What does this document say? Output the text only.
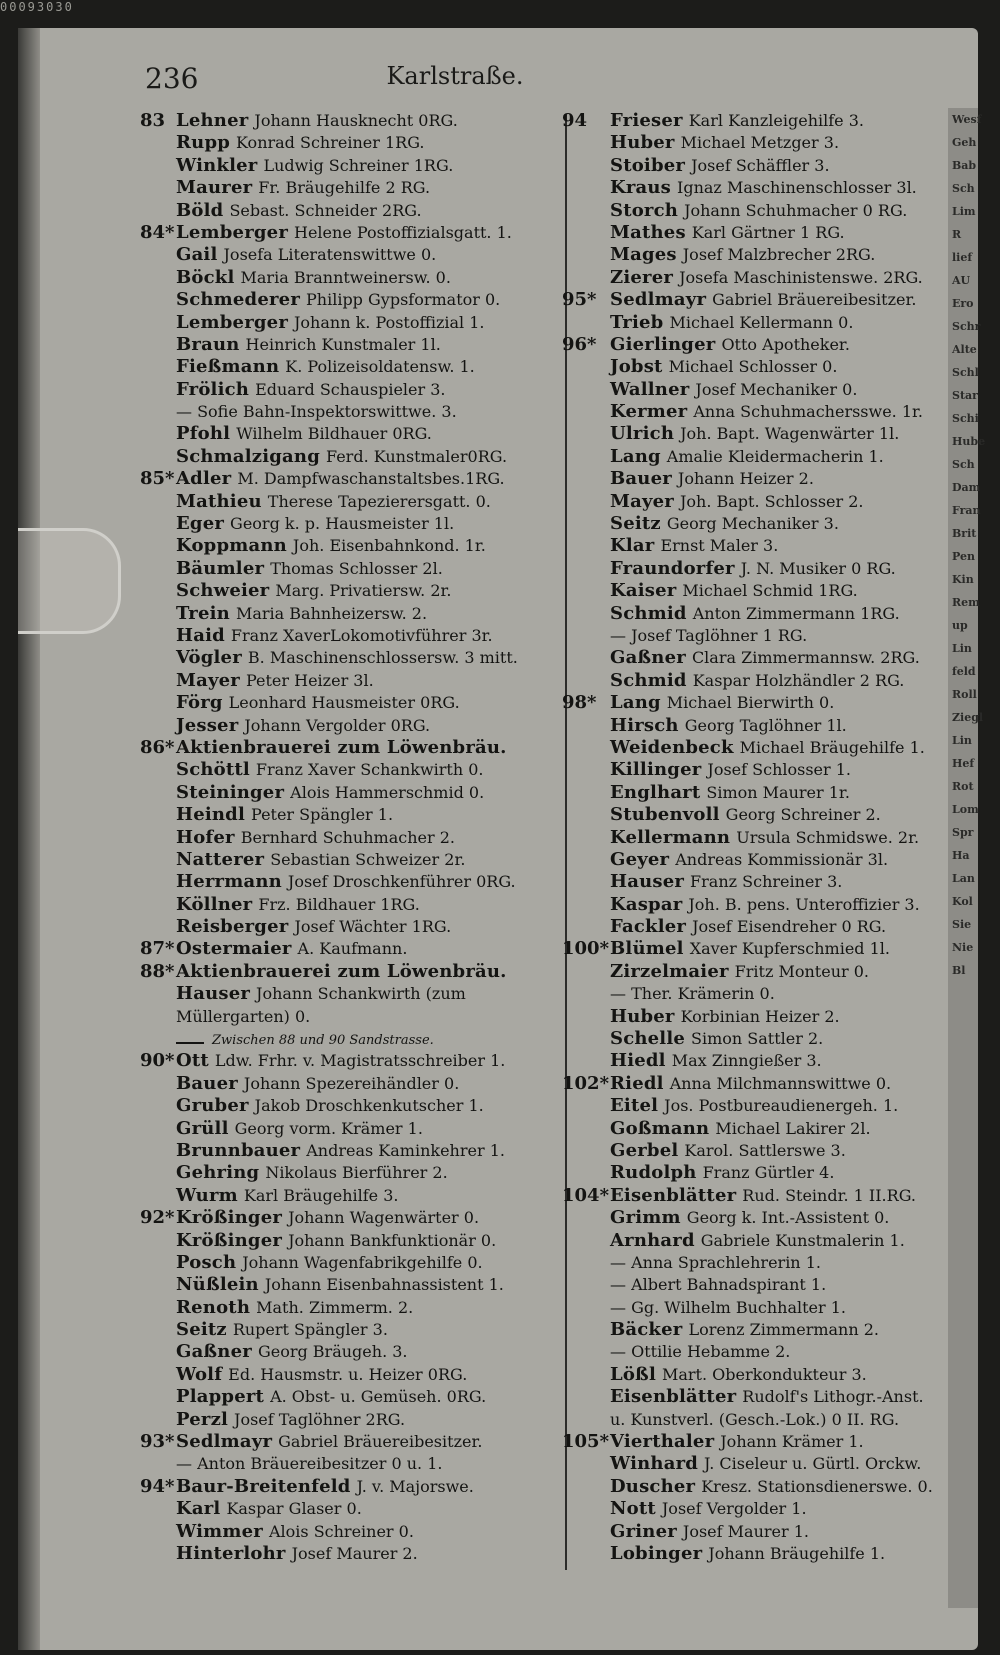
00093030
Wesf
Geh
Bab
Sch
Lim
R
lief
AU
Ero
Schr
Alte
Schl
Star
Schi
Hube
Sch
Dam
Fran
Brit
Pen
Kin
Rem
up
Lin
feld
Roll
Ziegl
Lin
Hef
Rot
Lom
Spr
Ha
Lan
Kol
Sie
Nie
Bl
236	Karlstraße.
83 Lehner Johann Hausknecht 0RG.
Rupp Konrad Schreiner 1RG.
Winkler Ludwig Schreiner 1RG.
Maurer Fr. Bräugehilfe 2 RG.
Böld Sebast. Schneider 2RG.
84* Lemberger Helene Postoffizialsgatt. 1.
Gail Josefa Literatenswittwe 0.
Böckl Maria Branntweinersw. 0.
Schmederer Philipp Gypsformator 0.
Lemberger Johann k. Postoffizial 1.
Braun Heinrich Kunstmaler 1l.
Fießmann K. Polizeisoldatensw. 1.
Frölich Eduard Schauspieler 3.
— Sofie Bahn-Inspektorswittwe. 3.
Pfohl Wilhelm Bildhauer 0RG.
Schmalzigang Ferd. Kunstmaler0RG.
85* Adler M. Dampfwaschanstaltsbes.1RG.
Mathieu Therese Tapezierersgatt. 0.
Eger Georg k. p. Hausmeister 1l.
Koppmann Joh. Eisenbahnkond. 1r.
Bäumler Thomas Schlosser 2l.
Schweier Marg. Privatiersw. 2r.
Trein Maria Bahnheizersw. 2.
Haid Franz XaverLokomotivführer 3r.
Vögler B. Maschinenschlossersw. 3 mitt.
Mayer Peter Heizer 3l.
Förg Leonhard Hausmeister 0RG.
Jesser Johann Vergolder 0RG.
86* Aktienbrauerei zum Löwenbräu.
Schöttl Franz Xaver Schankwirth 0.
Steininger Alois Hammerschmid 0.
Heindl Peter Spängler 1.
Hofer Bernhard Schuhmacher 2.
Natterer Sebastian Schweizer 2r.
Herrmann Josef Droschkenführer 0RG.
Köllner Frz. Bildhauer 1RG.
Reisberger Josef Wächter 1RG.
87* Ostermaier A. Kaufmann.
88* Aktienbrauerei zum Löwenbräu.
Hauser Johann Schankwirth (zum
Müllergarten) 0.
Zwischen 88 und 90 Sandstrasse.
90* Ott Ldw. Frhr. v. Magistratsschreiber 1.
Bauer Johann Spezereihändler 0.
Gruber Jakob Droschkenkutscher 1.
Grüll Georg vorm. Krämer 1.
Brunnbauer Andreas Kaminkehrer 1.
Gehring Nikolaus Bierführer 2.
Wurm Karl Bräugehilfe 3.
92* Krößinger Johann Wagenwärter 0.
Krößinger Johann Bankfunktionär 0.
Posch Johann Wagenfabrikgehilfe 0.
Nüßlein Johann Eisenbahnassistent 1.
Renoth Math. Zimmerm. 2.
Seitz Rupert Spängler 3.
Gaßner Georg Bräugeh. 3.
Wolf Ed. Hausmstr. u. Heizer 0RG.
Plappert A. Obst- u. Gemüseh. 0RG.
Perzl Josef Taglöhner 2RG.
93* Sedlmayr Gabriel Bräuereibesitzer.
— Anton Bräuereibesitzer 0 u. 1.
94* Baur-Breitenfeld J. v. Majorswe.
Karl Kaspar Glaser 0.
Wimmer Alois Schreiner 0.
Hinterlohr Josef Maurer 2.
94 Frieser Karl Kanzleigehilfe 3.
Huber Michael Metzger 3.
Stoiber Josef Schäffler 3.
Kraus Ignaz Maschinenschlosser 3l.
Storch Johann Schuhmacher 0 RG.
Mathes Karl Gärtner 1 RG.
Mages Josef Malzbrecher 2RG.
Zierer Josefa Maschinistenswe. 2RG.
95* Sedlmayr Gabriel Bräuereibesitzer.
Trieb Michael Kellermann 0.
96* Gierlinger Otto Apotheker.
Jobst Michael Schlosser 0.
Wallner Josef Mechaniker 0.
Kermer Anna Schuhmachersswe. 1r.
Ulrich Joh. Bapt. Wagenwärter 1l.
Lang Amalie Kleidermacherin 1.
Bauer Johann Heizer 2.
Mayer Joh. Bapt. Schlosser 2.
Seitz Georg Mechaniker 3.
Klar Ernst Maler 3.
Fraundorfer J. N. Musiker 0 RG.
Kaiser Michael Schmid 1RG.
Schmid Anton Zimmermann 1RG.
— Josef Taglöhner 1 RG.
Gaßner Clara Zimmermannsw. 2RG.
Schmid Kaspar Holzhändler 2 RG.
98* Lang Michael Bierwirth 0.
Hirsch Georg Taglöhner 1l.
Weidenbeck Michael Bräugehilfe 1.
Killinger Josef Schlosser 1.
Englhart Simon Maurer 1r.
Stubenvoll Georg Schreiner 2.
Kellermann Ursula Schmidswe. 2r.
Geyer Andreas Kommissionär 3l.
Hauser Franz Schreiner 3.
Kaspar Joh. B. pens. Unteroffizier 3.
Fackler Josef Eisendreher 0 RG.
100* Blümel Xaver Kupferschmied 1l.
Zirzelmaier Fritz Monteur 0.
— Ther. Krämerin 0.
Huber Korbinian Heizer 2.
Schelle Simon Sattler 2.
Hiedl Max Zinngießer 3.
102* Riedl Anna Milchmannswittwe 0.
Eitel Jos. Postbureaudienergeh. 1.
Goßmann Michael Lakirer 2l.
Gerbel Karol. Sattlerswe 3.
Rudolph Franz Gürtler 4.
104* Eisenblätter Rud. Steindr. 1 II.RG.
Grimm Georg k. Int.-Assistent 0.
Arnhard Gabriele Kunstmalerin 1.
— Anna Sprachlehrerin 1.
— Albert Bahnadspirant 1.
— Gg. Wilhelm Buchhalter 1.
Bäcker Lorenz Zimmermann 2.
— Ottilie Hebamme 2.
Lößl Mart. Oberkondukteur 3.
Eisenblätter Rudolf's Lithogr.-Anst.
u. Kunstverl. (Gesch.-Lok.) 0 II. RG.
105* Vierthaler Johann Krämer 1.
Winhard J. Ciseleur u. Gürtl. Orckw.
Duscher Kresz. Stationsdienerswe. 0.
Nott Josef Vergolder 1.
Griner Josef Maurer 1.
Lobinger Johann Bräugehilfe 1.
